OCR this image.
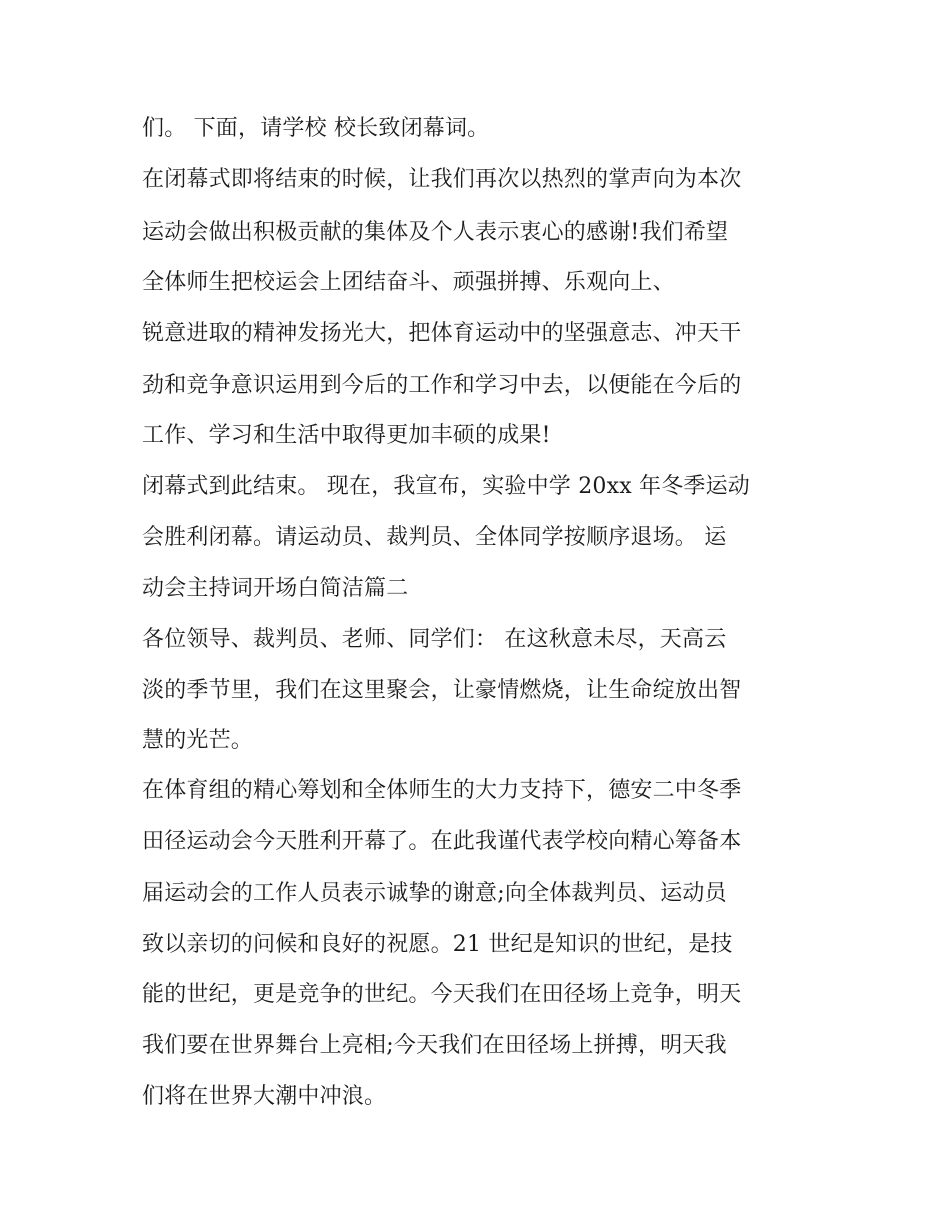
们。 下面，请学校 校长致闭幕词。
在闭幕式即将结束的时候，让我们再次以热烈的掌声向为本次
运动会做出积极贡献的集体及个人表示衷心的感谢!我们希望
全体师生把校运会上团结奋斗、顽强拼搏、乐观向上、
锐意进取的精神发扬光大，把体育运动中的坚强意志、冲天干
劲和竞争意识运用到今后的工作和学习中去，以便能在今后的
工作、学习和生活中取得更加丰硕的成果!
闭幕式到此结束。 现在，我宣布，实验中学 20xx 年冬季运动
会胜利闭幕。请运动员、裁判员、全体同学按顺序退场。 运
动会主持词开场白简洁篇二
各位领导、裁判员、老师、同学们： 在这秋意未尽，天高云
淡的季节里，我们在这里聚会，让豪情燃烧，让生命绽放出智
慧的光芒。
在体育组的精心筹划和全体师生的大力支持下，德安二中冬季
田径运动会今天胜利开幕了。在此我谨代表学校向精心筹备本
届运动会的工作人员表示诚挚的谢意;向全体裁判员、运动员
致以亲切的问候和良好的祝愿。21 世纪是知识的世纪，是技
能的世纪，更是竞争的世纪。今天我们在田径场上竞争，明天
我们要在世界舞台上亮相;今天我们在田径场上拼搏，明天我
们将在世界大潮中冲浪。
